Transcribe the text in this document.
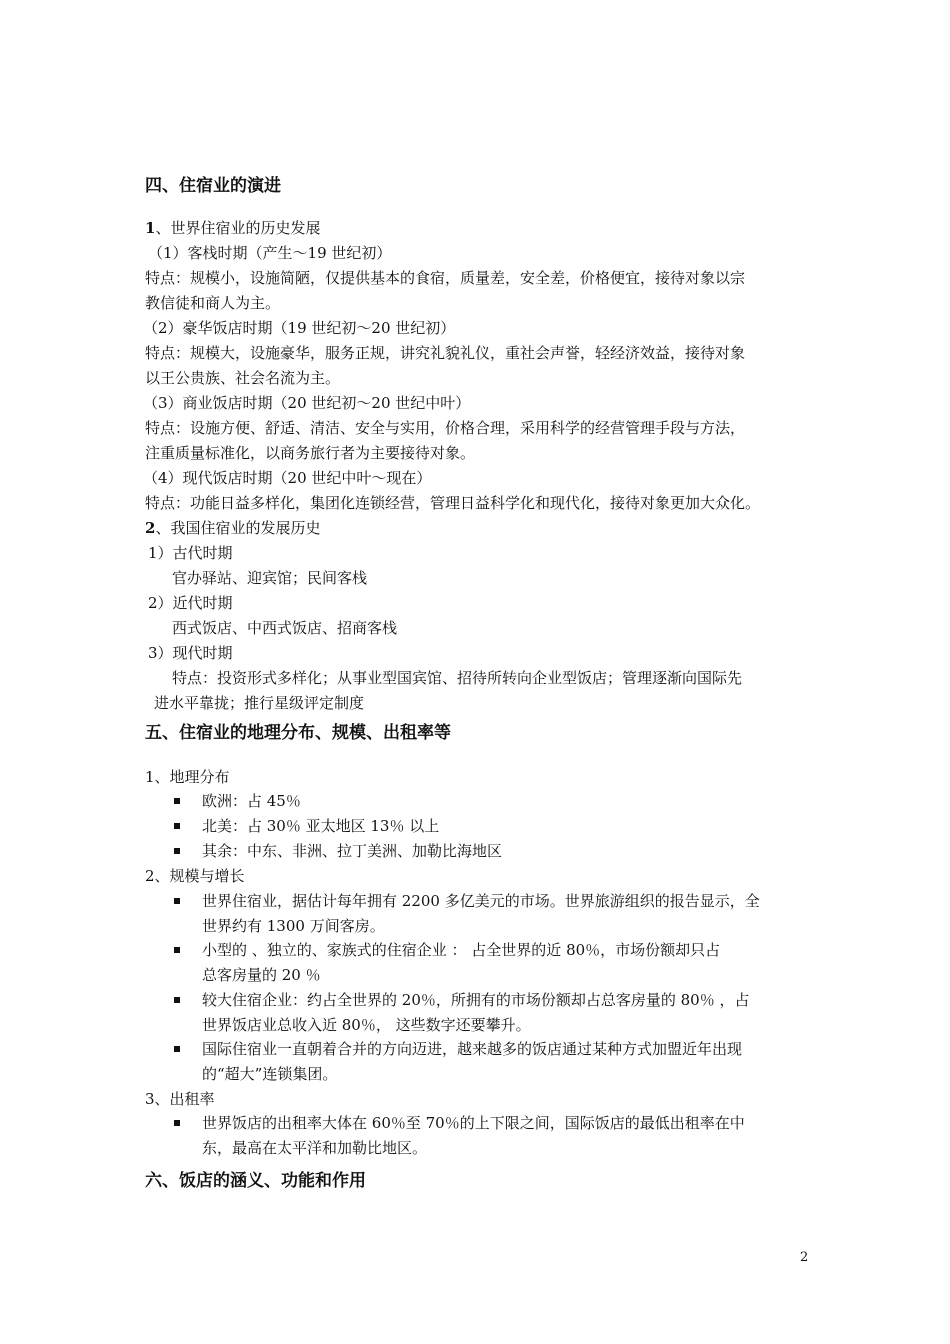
四、住宿业的演进
1、世界住宿业的历史发展
（1）客栈时期（产生～19 世纪初）
特点：规模小，设施简陋，仅提供基本的食宿，质量差，安全差，价格便宜，接待对象以宗
教信徒和商人为主。
（2）豪华饭店时期（19 世纪初～20 世纪初）
特点：规模大，设施豪华，服务正规，讲究礼貌礼仪，重社会声誉，轻经济效益，接待对象
以王公贵族、社会名流为主。
（3）商业饭店时期（20 世纪初～20 世纪中叶）
特点：设施方便、舒适、清洁、安全与实用，价格合理，采用科学的经营管理手段与方法，
注重质量标准化，以商务旅行者为主要接待对象。
（4）现代饭店时期（20 世纪中叶～现在）
特点：功能日益多样化，集团化连锁经营，管理日益科学化和现代化，接待对象更加大众化。
2、我国住宿业的发展历史
1）古代时期
官办驿站、迎宾馆；民间客栈
2）近代时期
西式饭店、中西式饭店、招商客栈
3）现代时期
特点：投资形式多样化；从事业型国宾馆、招待所转向企业型饭店；管理逐渐向国际先
进水平靠拢；推行星级评定制度
五、住宿业的地理分布、规模、出租率等
1、地理分布
欧洲：占 45％
北美：占 30％ 亚太地区 13％ 以上
其余：中东、非洲、拉丁美洲、加勒比海地区
2、规模与增长
世界住宿业，据估计每年拥有 2200 多亿美元的市场。世界旅游组织的报告显示，全
世界约有 1300 万间客房。
小型的 、独立的、家族式的住宿企业 ： 占全世界的近 80％，市场份额却只占
总客房量的 20 ％
较大住宿企业：约占全世界的 20％，所拥有的市场份额却占总客房量的 80％ ，占
世界饭店业总收入近 80％， 这些数字还要攀升。
国际住宿业一直朝着合并的方向迈进，越来越多的饭店通过某种方式加盟近年出现
的“超大”连锁集团。
3、出租率
世界饭店的出租率大体在 60％至 70％的上下限之间，国际饭店的最低出租率在中
东，最高在太平洋和加勒比地区。
六、饭店的涵义、功能和作用
2
